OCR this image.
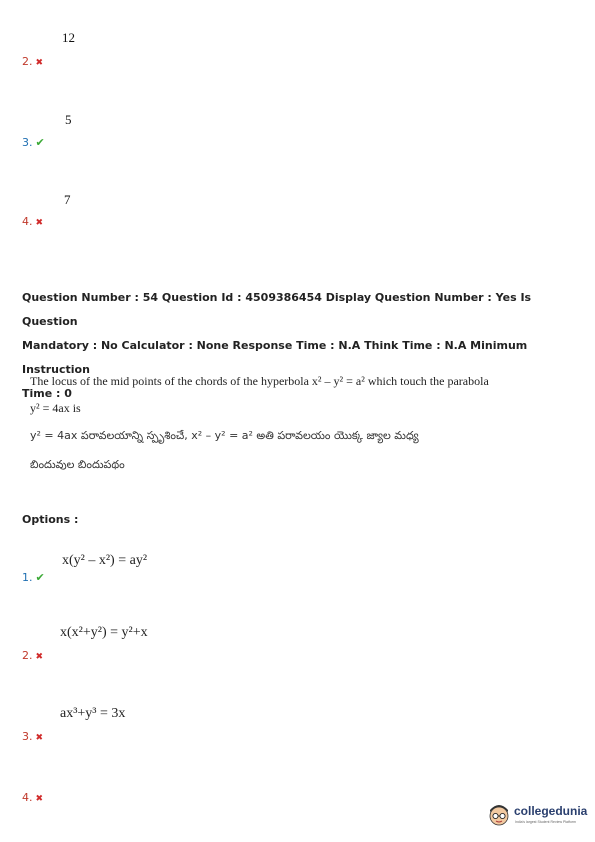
12
2. ✖
5
3. ✔
7
4. ✖
Question Number : 54 Question Id : 4509386454 Display Question Number : Yes Is Question
Mandatory : No Calculator : None Response Time : N.A Think Time : N.A Minimum Instruction
Time : 0
The locus of the mid points of the chords of the hyperbola x² – y² = a² which touch the parabola
y² = 4ax is
y² = 4ax పరావలయాన్ని స్పృశించే, x² – y² = a² అతి పరావలయం యొక్క జ్యాల మధ్య
బిందువుల బిందుపథం
Options :
x(y² – x²) = ay²
1. ✔
x(x²+y²) = y²+x
2. ✖
ax³+y³ = 3x
3. ✖
4. ✖
collegedunia
India's largest Student Review Platform
